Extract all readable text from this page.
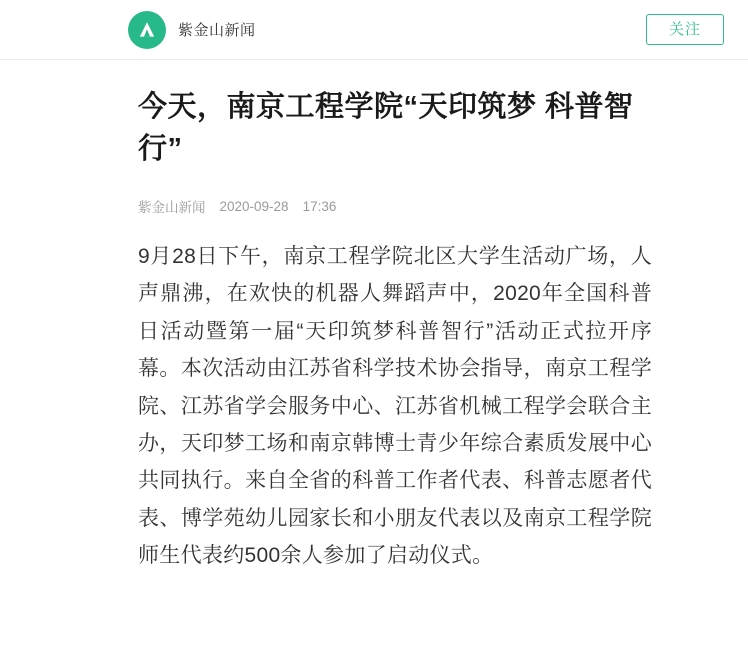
紫金山新闻	关注
今天，南京工程学院“天印筑梦 科普智行”
紫金山新闻 2020-09-28 17:36
9月28日下午，南京工程学院北区大学生活动广场，人声鼎沸，在欢快的机器人舞蹈声中，2020年全国科普日活动暨第一届“天印筑梦科普智行”活动正式拉开序幕。本次活动由江苏省科学技术协会指导，南京工程学院、江苏省学会服务中心、江苏省机械工程学会联合主办，天印梦工场和南京韩博士青少年综合素质发展中心共同执行。来自全省的科普工作者代表、科普志愿者代表、博学苑幼儿园家长和小朋友代表以及南京工程学院师生代表约500余人参加了启动仪式。
